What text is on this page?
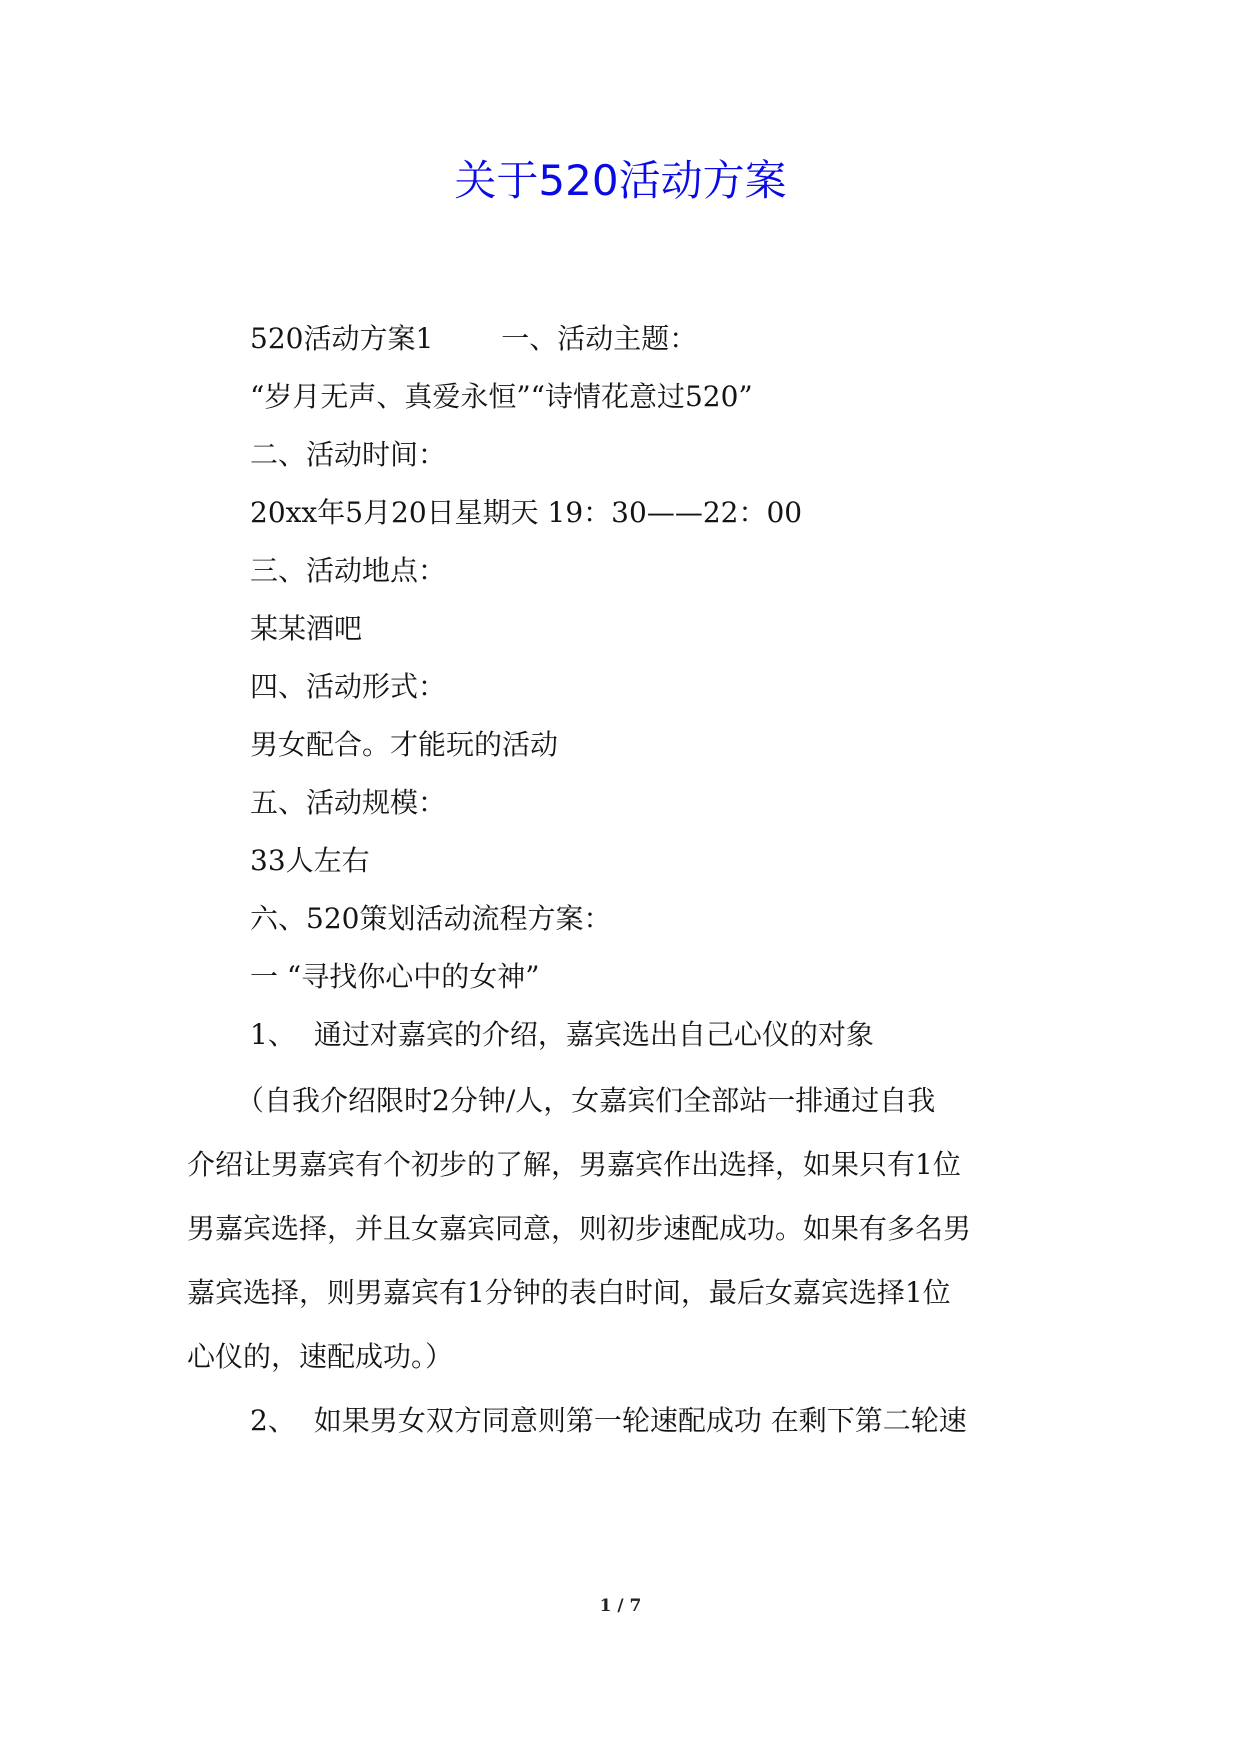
关于520活动方案
520活动方案1 一、活动主题：
“岁月无声、真爱永恒”“诗情花意过520”
二、活动时间：
20xx年5月20日星期天 19：30——22：00
三、活动地点：
某某酒吧
四、活动形式：
男女配合。才能玩的活动
五、活动规模：
33人左右
六、520策划活动流程方案：
一 “寻找你心中的女神”
1、 通过对嘉宾的介绍，嘉宾选出自己心仪的对象
（自我介绍限时2分钟/人，女嘉宾们全部站一排通过自我
介绍让男嘉宾有个初步的了解，男嘉宾作出选择，如果只有1位
男嘉宾选择，并且女嘉宾同意，则初步速配成功。如果有多名男
嘉宾选择，则男嘉宾有1分钟的表白时间，最后女嘉宾选择1位
心仪的，速配成功。）
2、 如果男女双方同意则第一轮速配成功 在剩下第二轮速
1 / 7
